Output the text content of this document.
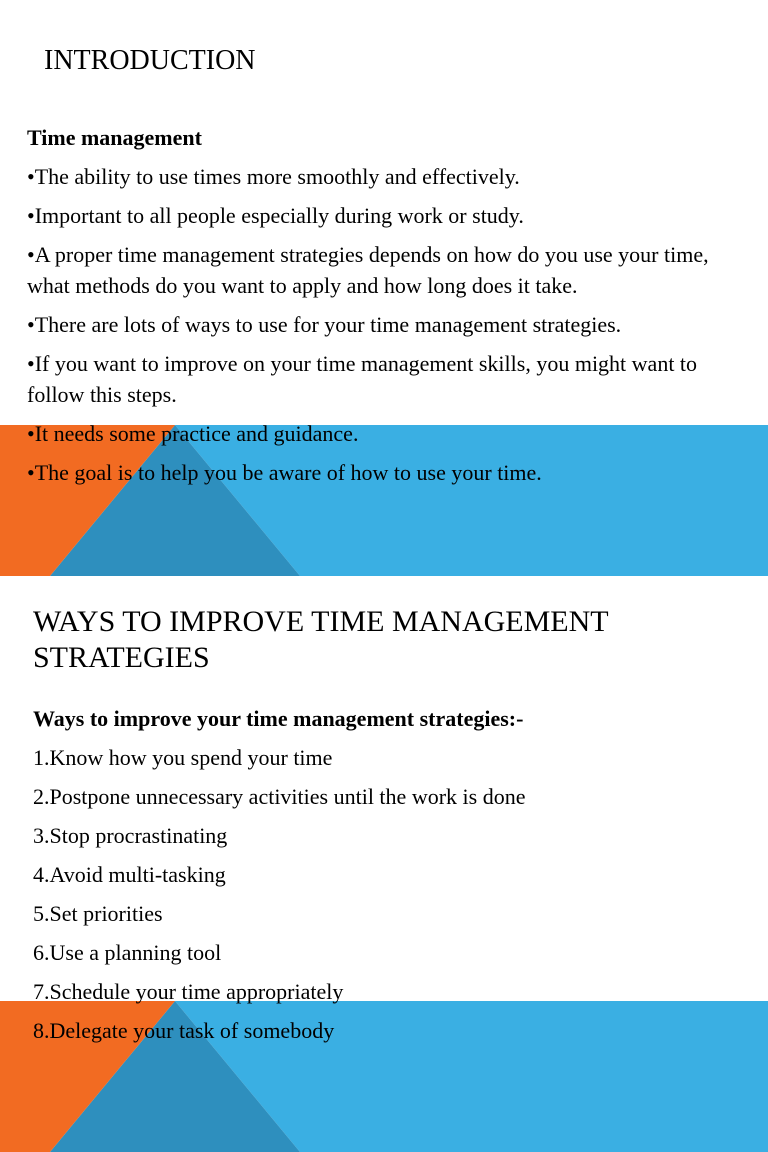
INTRODUCTION

Time management

•The ability to use times more smoothly and effectively.

•Important to all people especially during work or study.

•A proper time management strategies depends on how do you use your time, what methods do you want to apply and how long does it take.

•There are lots of ways to use for your time management strategies.

•If you want to improve on your time management skills, you might want to follow this steps.

•It needs some practice and guidance.

•The goal is to help you be aware of how to use your time.

WAYS TO IMPROVE TIME MANAGEMENT STRATEGIES

Ways to improve your time management strategies:-

1.Know how you spend your time

2.Postpone unnecessary activities until the work is done

3.Stop procrastinating

4.Avoid multi-tasking

5.Set priorities

6.Use a planning tool

7.Schedule your time appropriately

8.Delegate your task of somebody
